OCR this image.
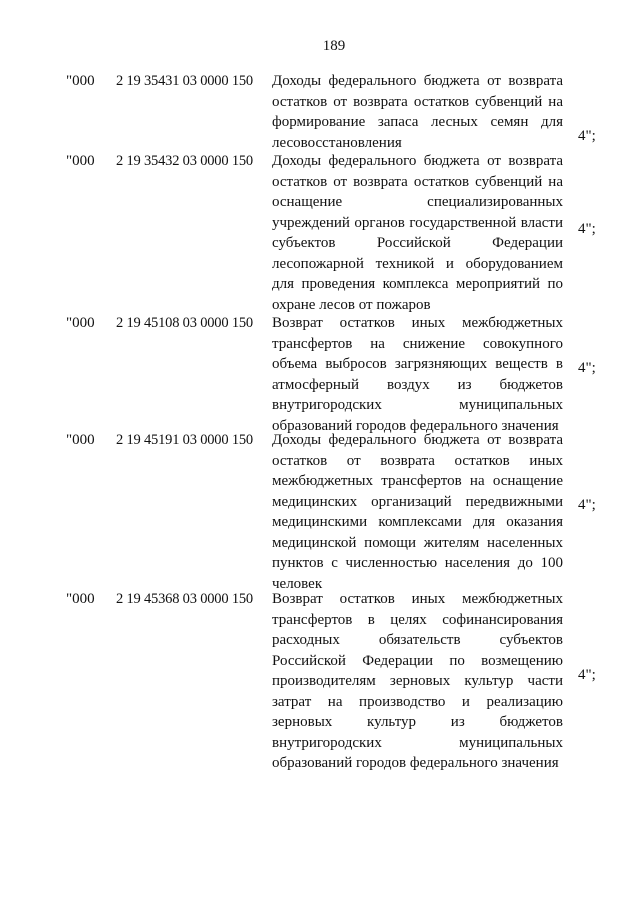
189
"000 2 19 35431 03 0000 150 Доходы федерального бюджета от возврата остатков от возврата остатков субвенций на формирование запаса лесных семян для лесовосстановления	4";
"000 2 19 35432 03 0000 150 Доходы федерального бюджета от возврата остатков от возврата остатков субвенций на оснащение специализированных учреждений органов государственной власти субъектов Российской Федерации лесопожарной техникой и оборудованием для проведения комплекса мероприятий по охране лесов от пожаров
4";
"000 2 19 45108 03 0000 150 Возврат остатков иных межбюджетных трансфертов на снижение совокупного объема выбросов загрязняющих веществ в атмосферный воздух из бюджетов внутригородских муниципальных образований городов федерального значения
4";
"000 2 19 45191 03 0000 150 Доходы федерального бюджета от возврата остатков от возврата остатков иных межбюджетных трансфертов на оснащение медицинских организаций передвижными медицинскими комплексами для оказания медицинской помощи жителям населенных пунктов с численностью населения до 100 человек
4";
"000 2 19 45368 03 0000 150 Возврат остатков иных межбюджетных трансфертов в целях софинансирования расходных обязательств субъектов Российской Федерации по возмещению производителям зерновых культур части затрат на производство и реализацию зерновых культур из бюджетов внутригородских муниципальных образований городов федерального значения
4";
